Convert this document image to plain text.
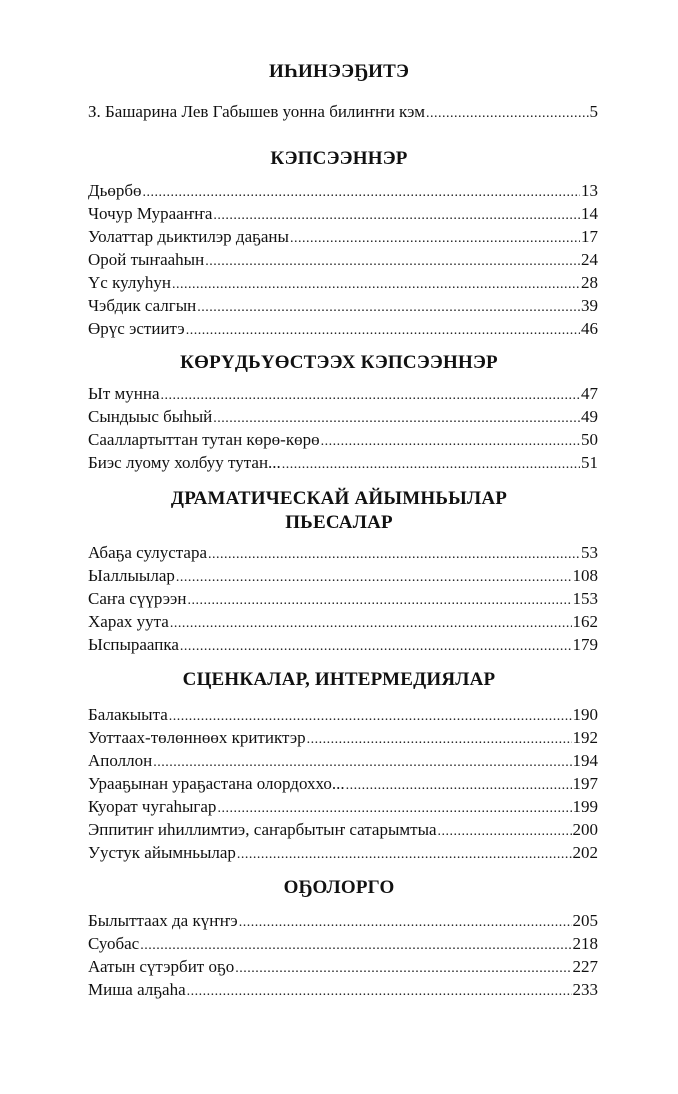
ИҺИНЭЭҔИТЭ
З. Башарина Лев Габышев уоннa билиҥҥи кэм .....	5
КЭПСЭЭННЭР
Дьөрбө .....	13
Чочур Мурааҥҥа .....	14
Уолаттар дьиктилэр даҕаны .....	17
Орой тыҥааһын .....	24
Үс кулуһун .....	28
Чэбдик салгын .....	39
Өрүс эстиитэ .....	46
КӨРҮДЬҮӨСТЭЭХ КЭПСЭЭННЭР
Ыт мунна .....	47
Сындыыс быһый .....	49
Сааллартыттан тутан көрө-көрө .....	50
Биэс луому холбуу тутан... .....	51
ДРАМАТИЧЕСКАЙ АЙЫМНЬЫЛАР
ПЬЕСАЛАР
Абаҕа сулустара .....	53
Ыаллыылар .....	108
Саҥа сүүрээн .....	153
Харах уута .....	162
Ыспыраапка .....	179
СЦЕНКАЛАР, ИНТЕРМЕДИЯЛАР
Балакыыта .....	190
Уоттаах-төлөннөөх критиктэр .....	192
Аполлон .....	194
Урааҕынан ураҕастана олордоххо... .....	197
Куорат чугаһыгар .....	199
Эппитиҥ иһиллимтиэ, саҥарбытыҥ сатарымтыа .....	200
Уустук айымньылар .....	202
ОҔОЛОРГО
Былыттаах да күҥҥэ .....	205
Суобас .....	218
Аатын сүтэрбит оҕо .....	227
Миша алҕаһа .....	233
